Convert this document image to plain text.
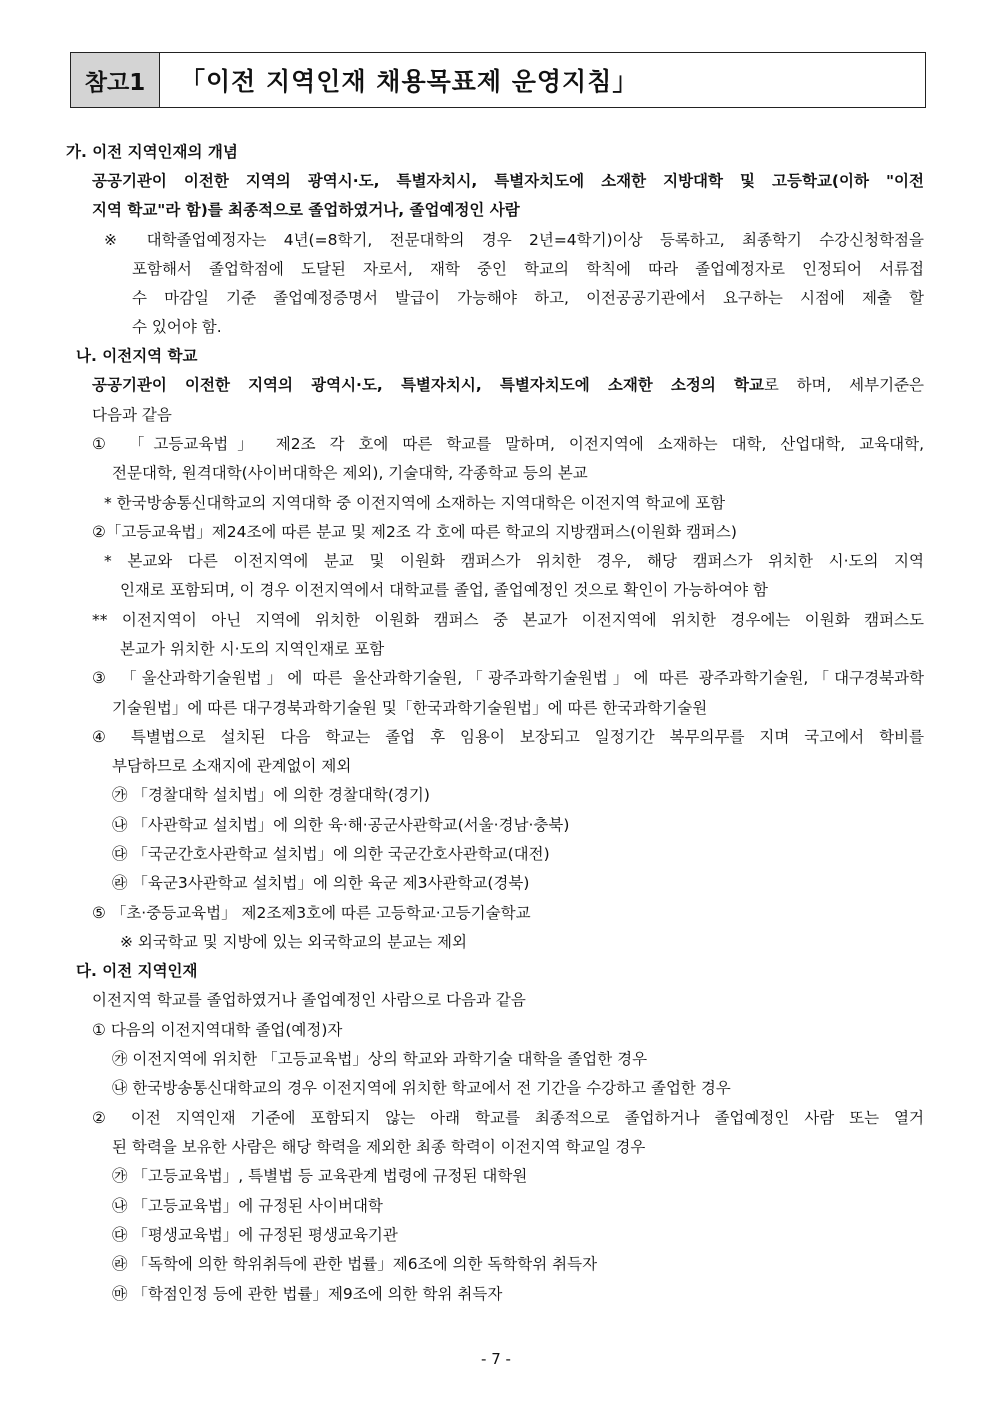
참고1	「이전 지역인재 채용목표제 운영지침」
가. 이전 지역인재의 개념
공공기관이 이전한 지역의 광역시·도, 특별자치시, 특별자치도에 소재한 지방대학 및 고등학교(이하 "이전
지역 학교"라 함)를 최종적으로 졸업하였거나, 졸업예정인 사람
※ 대학졸업예정자는 4년(=8학기, 전문대학의 경우 2년=4학기)이상 등록하고, 최종학기 수강신청학점을
포함해서 졸업학점에 도달된 자로서, 재학 중인 학교의 학칙에 따라 졸업예정자로 인정되어 서류접
수 마감일 기준 졸업예정증명서 발급이 가능해야 하고, 이전공공기관에서 요구하는 시점에 제출 할
수 있어야 함.
나. 이전지역 학교
공공기관이 이전한 지역의 광역시·도, 특별자치시, 특별자치도에 소재한 소정의 학교로 하며, 세부기준은
다음과 같음
① 「고등교육법」 제2조 각 호에 따른 학교를 말하며, 이전지역에 소재하는 대학, 산업대학, 교육대학,
전문대학, 원격대학(사이버대학은 제외), 기술대학, 각종학교 등의 본교
* 한국방송통신대학교의 지역대학 중 이전지역에 소재하는 지역대학은 이전지역 학교에 포함
②「고등교육법」제24조에 따른 분교 및 제2조 각 호에 따른 학교의 지방캠퍼스(이원화 캠퍼스)
* 본교와 다른 이전지역에 분교 및 이원화 캠퍼스가 위치한 경우, 해당 캠퍼스가 위치한 시·도의 지역
인재로 포함되며, 이 경우 이전지역에서 대학교를 졸업, 졸업예정인 것으로 확인이 가능하여야 함
** 이전지역이 아닌 지역에 위치한 이원화 캠퍼스 중 본교가 이전지역에 위치한 경우에는 이원화 캠퍼스도
본교가 위치한 시·도의 지역인재로 포함
③ 「울산과학기술원법」에 따른 울산과학기술원,「광주과학기술원법」에 따른 광주과학기술원,「대구경북과학
기술원법」에 따른 대구경북과학기술원 및「한국과학기술원법」에 따른 한국과학기술원
④ 특별법으로 설치된 다음 학교는 졸업 후 임용이 보장되고 일정기간 복무의무를 지며 국고에서 학비를
부담하므로 소재지에 관계없이 제외
㉮ 「경찰대학 설치법」에 의한 경찰대학(경기)
㉯ 「사관학교 설치법」에 의한 육·해·공군사관학교(서울·경남·충북)
㉰ 「국군간호사관학교 설치법」에 의한 국군간호사관학교(대전)
㉱ 「육군3사관학교 설치법」에 의한 육군 제3사관학교(경북)
⑤ 「초·중등교육법」 제2조제3호에 따른 고등학교·고등기술학교
※ 외국학교 및 지방에 있는 외국학교의 분교는 제외
다. 이전 지역인재
이전지역 학교를 졸업하였거나 졸업예정인 사람으로 다음과 같음
① 다음의 이전지역대학 졸업(예정)자
㉮ 이전지역에 위치한 「고등교육법」상의 학교와 과학기술 대학을 졸업한 경우
㉯ 한국방송통신대학교의 경우 이전지역에 위치한 학교에서 전 기간을 수강하고 졸업한 경우
② 이전 지역인재 기준에 포함되지 않는 아래 학교를 최종적으로 졸업하거나 졸업예정인 사람 또는 열거
된 학력을 보유한 사람은 해당 학력을 제외한 최종 학력이 이전지역 학교일 경우
㉮ 「고등교육법」, 특별법 등 교육관계 법령에 규정된 대학원
㉯ 「고등교육법」에 규정된 사이버대학
㉰ 「평생교육법」에 규정된 평생교육기관
㉱ 「독학에 의한 학위취득에 관한 법률」제6조에 의한 독학학위 취득자
㉲ 「학점인정 등에 관한 법률」제9조에 의한 학위 취득자
- 7 -
